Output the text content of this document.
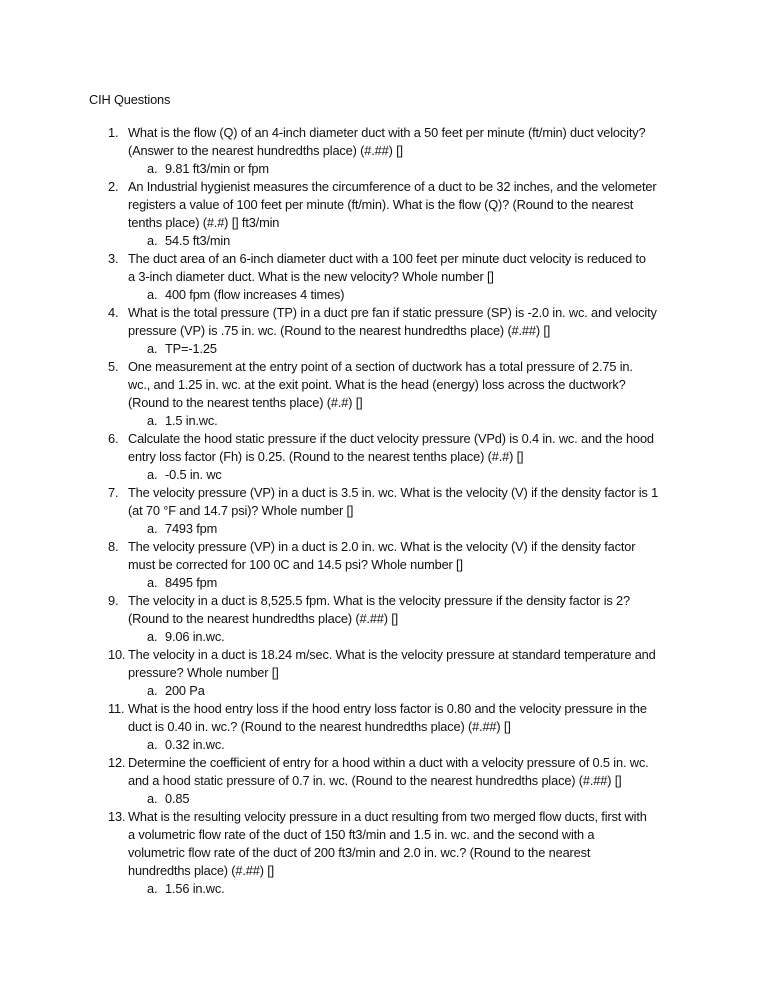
CIH Questions
1. What is the flow (Q) of an 4-inch diameter duct with a 50 feet per minute (ft/min) duct velocity?
(Answer to the nearest hundredths place) (#.##) []
a. 9.81 ft3/min or fpm
2. An Industrial hygienist measures the circumference of a duct to be 32 inches, and the velometer
registers a value of 100 feet per minute (ft/min). What is the flow (Q)? (Round to the nearest
tenths place) (#.#) [] ft3/min
a. 54.5 ft3/min
3. The duct area of an 6-inch diameter duct with a 100 feet per minute duct velocity is reduced to
a 3-inch diameter duct. What is the new velocity? Whole number []
a. 400 fpm (flow increases 4 times)
4. What is the total pressure (TP) in a duct pre fan if static pressure (SP) is -2.0 in. wc. and velocity
pressure (VP) is .75 in. wc. (Round to the nearest hundredths place) (#.##) []
a. TP=-1.25
5. One measurement at the entry point of a section of ductwork has a total pressure of 2.75 in.
wc., and 1.25 in. wc. at the exit point. What is the head (energy) loss across the ductwork?
(Round to the nearest tenths place) (#.#) []
a. 1.5 in.wc.
6. Calculate the hood static pressure if the duct velocity pressure (VPd) is 0.4 in. wc. and the hood
entry loss factor (Fh) is 0.25. (Round to the nearest tenths place) (#.#) []
a. -0.5 in. wc
7. The velocity pressure (VP) in a duct is 3.5 in. wc. What is the velocity (V) if the density factor is 1
(at 70 °F and 14.7 psi)? Whole number []
a. 7493 fpm
8. The velocity pressure (VP) in a duct is 2.0 in. wc. What is the velocity (V) if the density factor
must be corrected for 100 0C and 14.5 psi? Whole number []
a. 8495 fpm
9. The velocity in a duct is 8,525.5 fpm. What is the velocity pressure if the density factor is 2?
(Round to the nearest hundredths place) (#.##) []
a. 9.06 in.wc.
10. The velocity in a duct is 18.24 m/sec. What is the velocity pressure at standard temperature and
pressure? Whole number []
a. 200 Pa
11. What is the hood entry loss if the hood entry loss factor is 0.80 and the velocity pressure in the
duct is 0.40 in. wc.? (Round to the nearest hundredths place) (#.##) []
a. 0.32 in.wc.
12. Determine the coefficient of entry for a hood within a duct with a velocity pressure of 0.5 in. wc.
and a hood static pressure of 0.7 in. wc. (Round to the nearest hundredths place) (#.##) []
a. 0.85
13. What is the resulting velocity pressure in a duct resulting from two merged flow ducts, first with
a volumetric flow rate of the duct of 150 ft3/min and 1.5 in. wc. and the second with a
volumetric flow rate of the duct of 200 ft3/min and 2.0 in. wc.? (Round to the nearest
hundredths place) (#.##) []
a. 1.56 in.wc.
